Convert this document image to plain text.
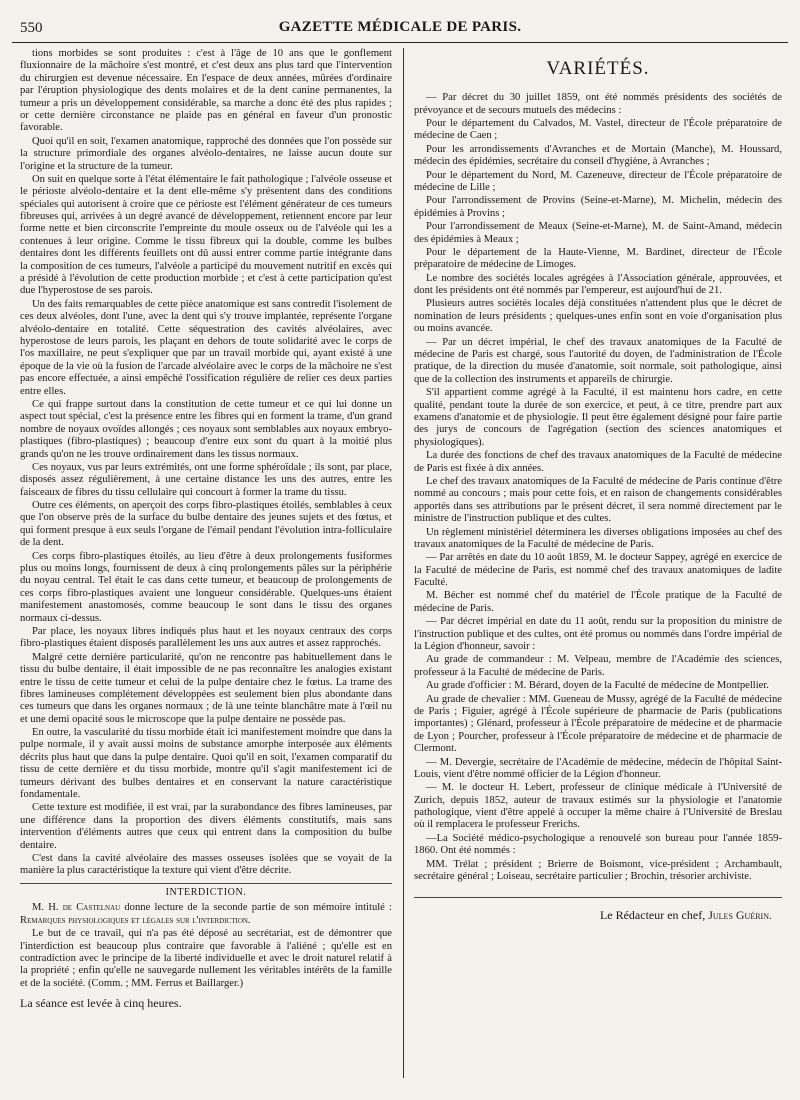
550	GAZETTE MÉDICALE DE PARIS.

tions morbides se sont produites : c'est à l'âge de 10 ans que le gonflement fluxionnaire de la mâchoire s'est montré, et c'est deux ans plus tard que l'intervention du chirurgien est devenue nécessaire. En l'espace de deux années, mûrées d'ordinaire par l'éruption physiologique des dents molaires et de la dent canine permanentes, la tumeur a pris un développement considérable, sa marche a donc été des plus rapides ; or cette dernière circonstance ne plaide pas en général en faveur d'un pronostic favorable.

Quoi qu'il en soit, l'examen anatomique, rapproché des données que l'on possède sur la structure primordiale des organes alvéolo-dentaires, ne laisse aucun doute sur l'origine et la structure de la tumeur.

On suit en quelque sorte à l'état élémentaire le fait pathologique ; l'alvéole osseuse et le périoste alvéolo-dentaire et la dent elle-même s'y présentent dans des conditions spéciales qui autorisent à croire que ce périoste est l'élément générateur de ces tumeurs fibreuses qui, arrivées à un degré avancé de développement, retiennent encore par leur forme nette et bien circonscrite l'empreinte du moule osseux ou de l'alvéole qui les a contenues à leur origine. Comme le tissu fibreux qui la double, comme les bulbes dentaires dont les différents feuillets ont dû aussi entrer comme partie intégrante dans la composition de ces tumeurs, l'alvéole a participé du mouvement nutritif en excès qui a présidé à l'évolution de cette production morbide ; et c'est à cette participation qu'est due l'hyperostose de ses parois.

Un des faits remarquables de cette pièce anatomique est sans contredit l'isolement de ces deux alvéoles, dont l'une, avec la dent qui s'y trouve implantée, représente l'organe alvéolo-dentaire en totalité. Cette séquestration des cavités alvéolaires, avec hyperostose de leurs parois, les plaçant en dehors de toute solidarité avec le corps de l'os maxillaire, ne peut s'expliquer que par un travail morbide qui, ayant existé à une époque de la vie où la fusion de l'arcade alvéolaire avec le corps de la mâchoire ne s'est pas encore effectuée, a ainsi empêché l'ossification régulière de relier ces deux parties entre elles.

Ce qui frappe surtout dans la constitution de cette tumeur et ce qui lui donne un aspect tout spécial, c'est la présence entre les fibres qui en forment la trame, d'un grand nombre de noyaux ovoïdes allongés ; ces noyaux sont semblables aux noyaux embryo-plastiques (fibro-plastiques) ; beaucoup d'entre eux sont du quart à la moitié plus grands qu'on ne les trouve ordinairement dans les tissus normaux.

Ces noyaux, vus par leurs extrémités, ont une forme sphéroïdale ; ils sont, par place, disposés assez régulièrement, à une certaine distance les uns des autres, entre les faisceaux de fibres du tissu cellulaire qui concourt à former la trame du tissu.

Outre ces éléments, on aperçoit des corps fibro-plastiques étoilés, semblables à ceux que l'on observe près de la surface du bulbe dentaire des jeunes sujets et des fœtus, et qui forment presque à eux seuls l'organe de l'émail pendant l'évolution intra-folliculaire de la dent.

Ces corps fibro-plastiques étoilés, au lieu d'être à deux prolongements fusiformes plus ou moins longs, fournissent de deux à cinq prolongements pâles sur la périphérie du noyau central. Tel était le cas dans cette tumeur, et beaucoup de prolongements de ces corps fibro-plastiques avaient une longueur considérable. Quelques-uns étaient manifestement anastomosés, comme beaucoup le sont dans le tissu des organes normaux ci-dessus.

Par place, les noyaux libres indiqués plus haut et les noyaux centraux des corps fibro-plastiques étaient disposés parallèlement les uns aux autres et assez rapprochés.

Malgré cette dernière particularité, qu'on ne rencontre pas habituellement dans le tissu du bulbe dentaire, il était impossible de ne pas reconnaître les analogies existant entre le tissu de cette tumeur et celui de la pulpe dentaire chez le fœtus. La trame des fibres lamineuses complétement développées est seulement bien plus abondante dans ces tumeurs que dans les organes normaux ; de là une teinte blanchâtre mate à l'œil nu et une demi opacité sous le microscope que la pulpe dentaire ne possède pas.

En outre, la vascularité du tissu morbide était ici manifestement moindre que dans la pulpe normale, il y avait aussi moins de substance amorphe interposée aux éléments décrits plus haut que dans la pulpe dentaire. Quoi qu'il en soit, l'examen comparatif du tissu de cette dernière et du tissu morbide, montre qu'il s'agit manifestement ici de tumeurs dérivant des bulbes dentaires et en conservant la nature caractéristique fondamentale.

Cette texture est modifiée, il est vrai, par la surabondance des fibres lamineuses, par une différence dans la proportion des divers éléments constitutifs, mais sans intervention d'éléments autres que ceux qui entrent dans la composition du bulbe dentaire.

C'est dans la cavité alvéolaire des masses osseuses isolées que se voyait de la manière la plus caractéristique la texture qui vient d'être décrite.

INTERDICTION.

M. H. de Castelnau donne lecture de la seconde partie de son mémoire intitulé : Remarques physiologiques et légales sur l'interdiction.

Le but de ce travail, qui n'a pas été déposé au secrétariat, est de démontrer que l'interdiction est beaucoup plus contraire que favorable à l'aliéné ; qu'elle est en contradiction avec le principe de la liberté individuelle et avec le droit naturel relatif à la propriété ; enfin qu'elle ne sauvegarde nullement les véritables intérêts de la famille et de la société. (Comm. ; MM. Ferrus et Baillarger.)

La séance est levée à cinq heures.
VARIÉTÉS.

— Par décret du 30 juillet 1859, ont été nommés présidents des sociétés de prévoyance et de secours mutuels des médecins :

Pour le département du Calvados, M. Vastel, directeur de l'École préparatoire de médecine de Caen ;

Pour les arrondissements d'Avranches et de Mortain (Manche), M. Houssard, médecin des épidémies, secrétaire du conseil d'hygiène, à Avranches ;

Pour le département du Nord, M. Cazeneuve, directeur de l'École préparatoire de médecine de Lille ;

Pour l'arrondissement de Provins (Seine-et-Marne), M. Michelin, médecin des épidémies à Provins ;

Pour l'arrondissement de Meaux (Seine-et-Marne), M. de Saint-Amand, médecin des épidémies à Meaux ;

Pour le département de la Haute-Vienne, M. Bardinet, directeur de l'École préparatoire de médecine de Limoges.

Le nombre des sociétés locales agrégées à l'Association générale, approuvées, et dont les présidents ont été nommés par l'empereur, est aujourd'hui de 21.

Plusieurs autres sociétés locales déjà constituées n'attendent plus que le décret de nomination de leurs présidents ; quelques-unes enfin sont en voie d'organisation plus ou moins avancée.

— Par un décret impérial, le chef des travaux anatomiques de la Faculté de médecine de Paris est chargé, sous l'autorité du doyen, de l'administration de l'École pratique, de la direction du musée d'anatomie, soit normale, soit pathologique, ainsi que de la collection des instruments et appareils de chirurgie.

S'il appartient comme agrégé à la Faculté, il est maintenu hors cadre, en cette qualité, pendant toute la durée de son exercice, et peut, à ce titre, prendre part aux examens d'anatomie et de physiologie. Il peut être également désigné pour faire partie des jurys de concours de l'agrégation (section des sciences anatomiques et physiologiques).

La durée des fonctions de chef des travaux anatomiques de la Faculté de médecine de Paris est fixée à dix années.

Le chef des travaux anatomiques de la Faculté de médecine de Paris continue d'être nommé au concours ; mais pour cette fois, et en raison de changements considérables apportés dans ses attributions par le présent décret, il sera nommé directement par le ministre de l'instruction publique et des cultes.

Un règlement ministériel déterminera les diverses obligations imposées au chef des travaux anatomiques de la Faculté de médecine de Paris.

— Par arrêtés en date du 10 août 1859, M. le docteur Sappey, agrégé en exercice de la Faculté de médecine de Paris, est nommé chef des travaux anatomiques de ladite Faculté.

M. Bécher est nommé chef du matériel de l'École pratique de la Faculté de médecine de Paris.

— Par décret impérial en date du 11 août, rendu sur la proposition du ministre de l'instruction publique et des cultes, ont été promus ou nommés dans l'ordre impérial de la Légion d'honneur, savoir :

Au grade de commandeur : M. Velpeau, membre de l'Académie des sciences, professeur à la Faculté de médecine de Paris.

Au grade d'officier : M. Bérard, doyen de la Faculté de médecine de Montpellier.

Au grade de chevalier : MM. Gueneau de Mussy, agrégé de la Faculté de médecine de Paris ; Figuier, agrégé à l'École supérieure de pharmacie de Paris (publications importantes) ; Glénard, professeur à l'École préparatoire de médecine et de pharmacie de Lyon ; Pourcher, professeur à l'École préparatoire de médecine et de pharmacie de Clermont.

— M. Devergie, secrétaire de l'Académie de médecine, médecin de l'hôpital Saint-Louis, vient d'être nommé officier de la Légion d'honneur.

— M. le docteur H. Lebert, professeur de clinique médicale à l'Université de Zurich, depuis 1852, auteur de travaux estimés sur la physiologie et l'anatomie pathologique, vient d'être appelé à occuper la même chaire à l'Université de Breslau où il remplacera le professeur Frerichs.

—La Société médico-psychologique a renouvelé son bureau pour l'année 1859-1860. Ont été nommés :

MM. Trélat ; président ; Brierre de Boismont, vice-président ; Archambault, secrétaire général ; Loiseau, secrétaire particulier ; Brochin, trésorier archiviste.

Le Rédacteur en chef, Jules Guérin.
